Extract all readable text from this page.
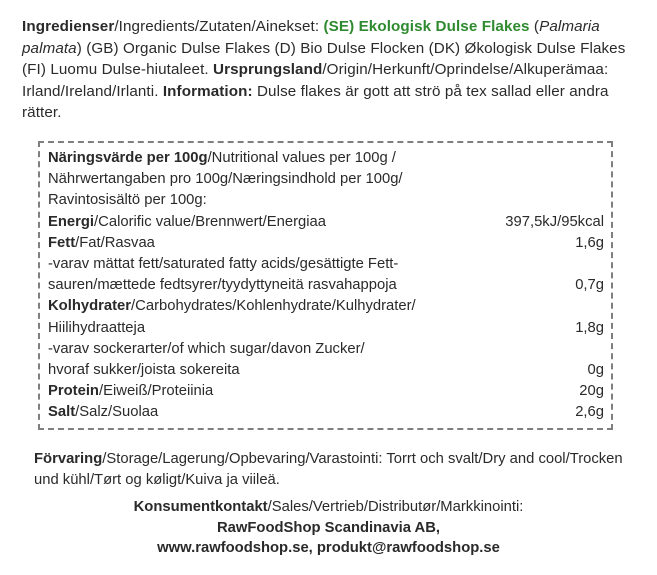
Ingredienser/Ingredients/Zutaten/Ainekset: (SE) Ekologisk Dulse Flakes (Palmaria palmata) (GB) Organic Dulse Flakes (D) Bio Dulse Flocken (DK) Økologisk Dulse Flakes (FI) Luomu Dulse-hiutaleet. Ursprungsland/Origin/Herkunft/Oprindelse/Alkuperämaa: Irland/Ireland/Irlanti. Information: Dulse flakes är gott att strö på tex sallad eller andra rätter.
Näringsvärde per 100g/Nutritional values per 100g /
Nährwertangaben pro 100g/Næringsindhold per 100g/
Ravintosisältö per 100g:
Energi/Calorific value/Brennwert/Energiaa	397,5kJ/95kcal
Fett/Fat/Rasvaa	1,6g
-varav mättat fett/saturated fatty acids/gesättigte Fett-
sauren/mættede fedtsyrer/tyydyttyneitä rasvahappoja	0,7g
Kolhydrater/Carbohydrates/Kohlenhydrate/Kulhydrater/
Hiilihydraatteja	1,8g
-varav sockerarter/of which sugar/davon Zucker/
hvoraf sukker/joista sokereita	0g
Protein/Eiweiß/Proteiinia	20g
Salt/Salz/Suolaa	2,6g
Förvaring/Storage/Lagerung/Opbevaring/Varastointi: Torrt och svalt/Dry and cool/Trocken und kühl/Tørt og køligt/Kuiva ja viileä.
Konsumentkontakt/Sales/Vertrieb/Distributør/Markkinointi:
RawFoodShop Scandinavia AB,
www.rawfoodshop.se, produkt@rawfoodshop.se
